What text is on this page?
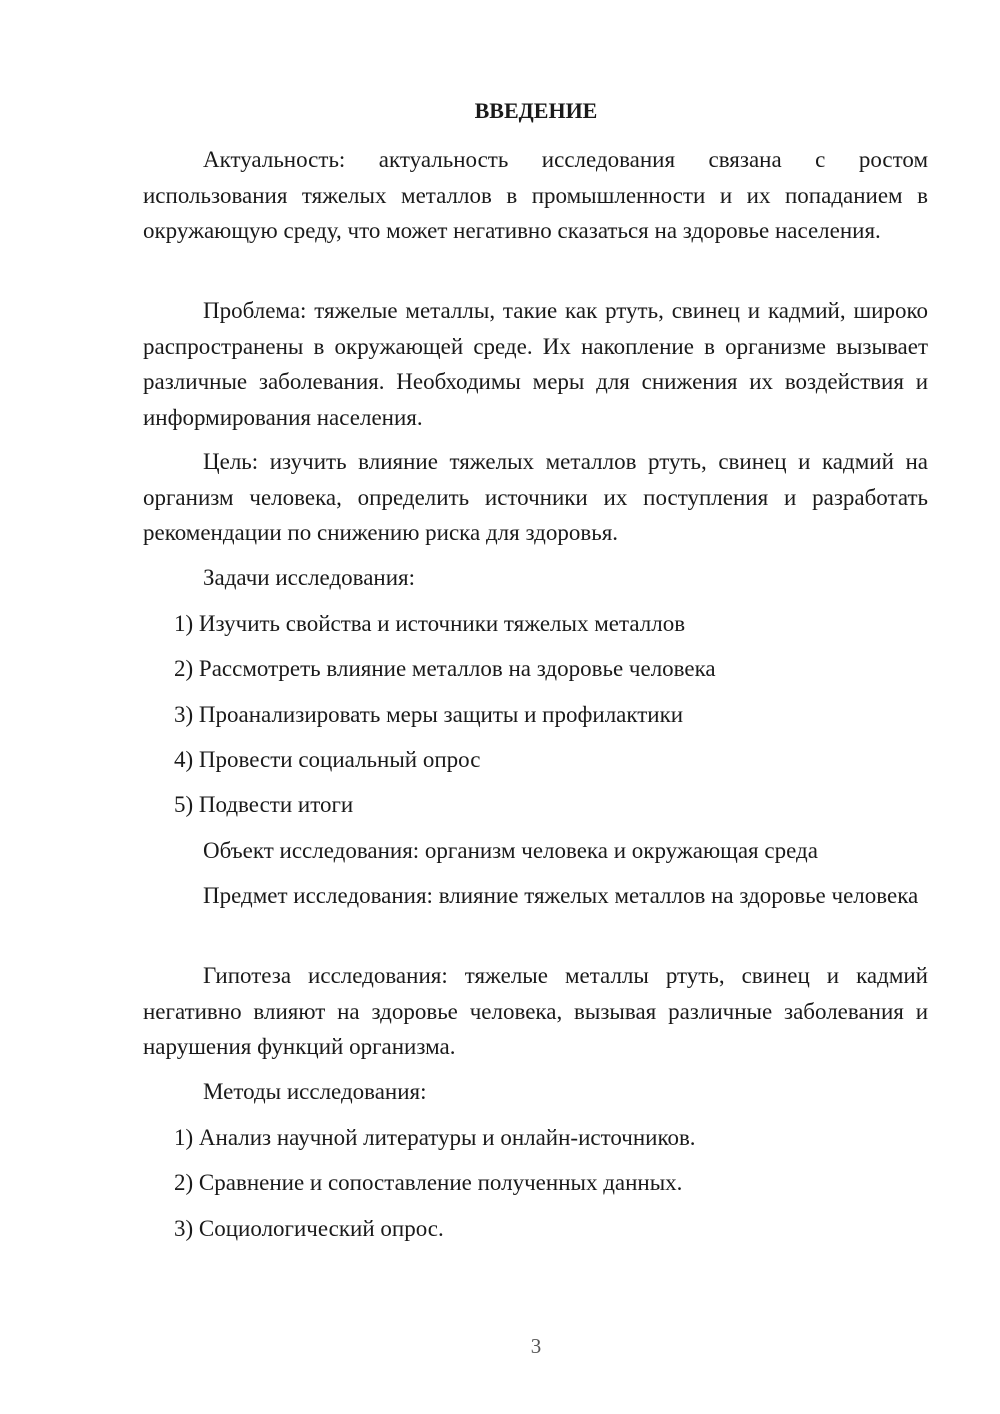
ВВЕДЕНИЕ

Актуальность: актуальность исследования связана с ростом использования тяжелых металлов в промышленности и их попаданием в окружающую среду, что может негативно сказаться на здоровье населения.

Проблема: тяжелые металлы, такие как ртуть, свинец и кадмий, широко распространены в окружающей среде. Их накопление в организме вызывает различные заболевания. Необходимы меры для снижения их воздействия и информирования населения.

Цель: изучить влияние тяжелых металлов ртуть, свинец и кадмий на организм человека, определить источники их поступления и разработать рекомендации по снижению риска для здоровья.

Задачи исследования:
1) Изучить свойства и источники тяжелых металлов
2) Рассмотреть влияние металлов на здоровье человека
3) Проанализировать меры защиты и профилактики
4) Провести социальный опрос
5) Подвести итоги
Объект исследования: организм человека и окружающая среда

Предмет исследования: влияние тяжелых металлов на здоровье человека

Гипотеза исследования: тяжелые металлы ртуть, свинец и кадмий негативно влияют на здоровье человека, вызывая различные заболевания и нарушения функций организма.

Методы исследования:
1) Анализ научной литературы и онлайн-источников.
2) Сравнение и сопоставление полученных данных.
3) Социологический опрос.
3
